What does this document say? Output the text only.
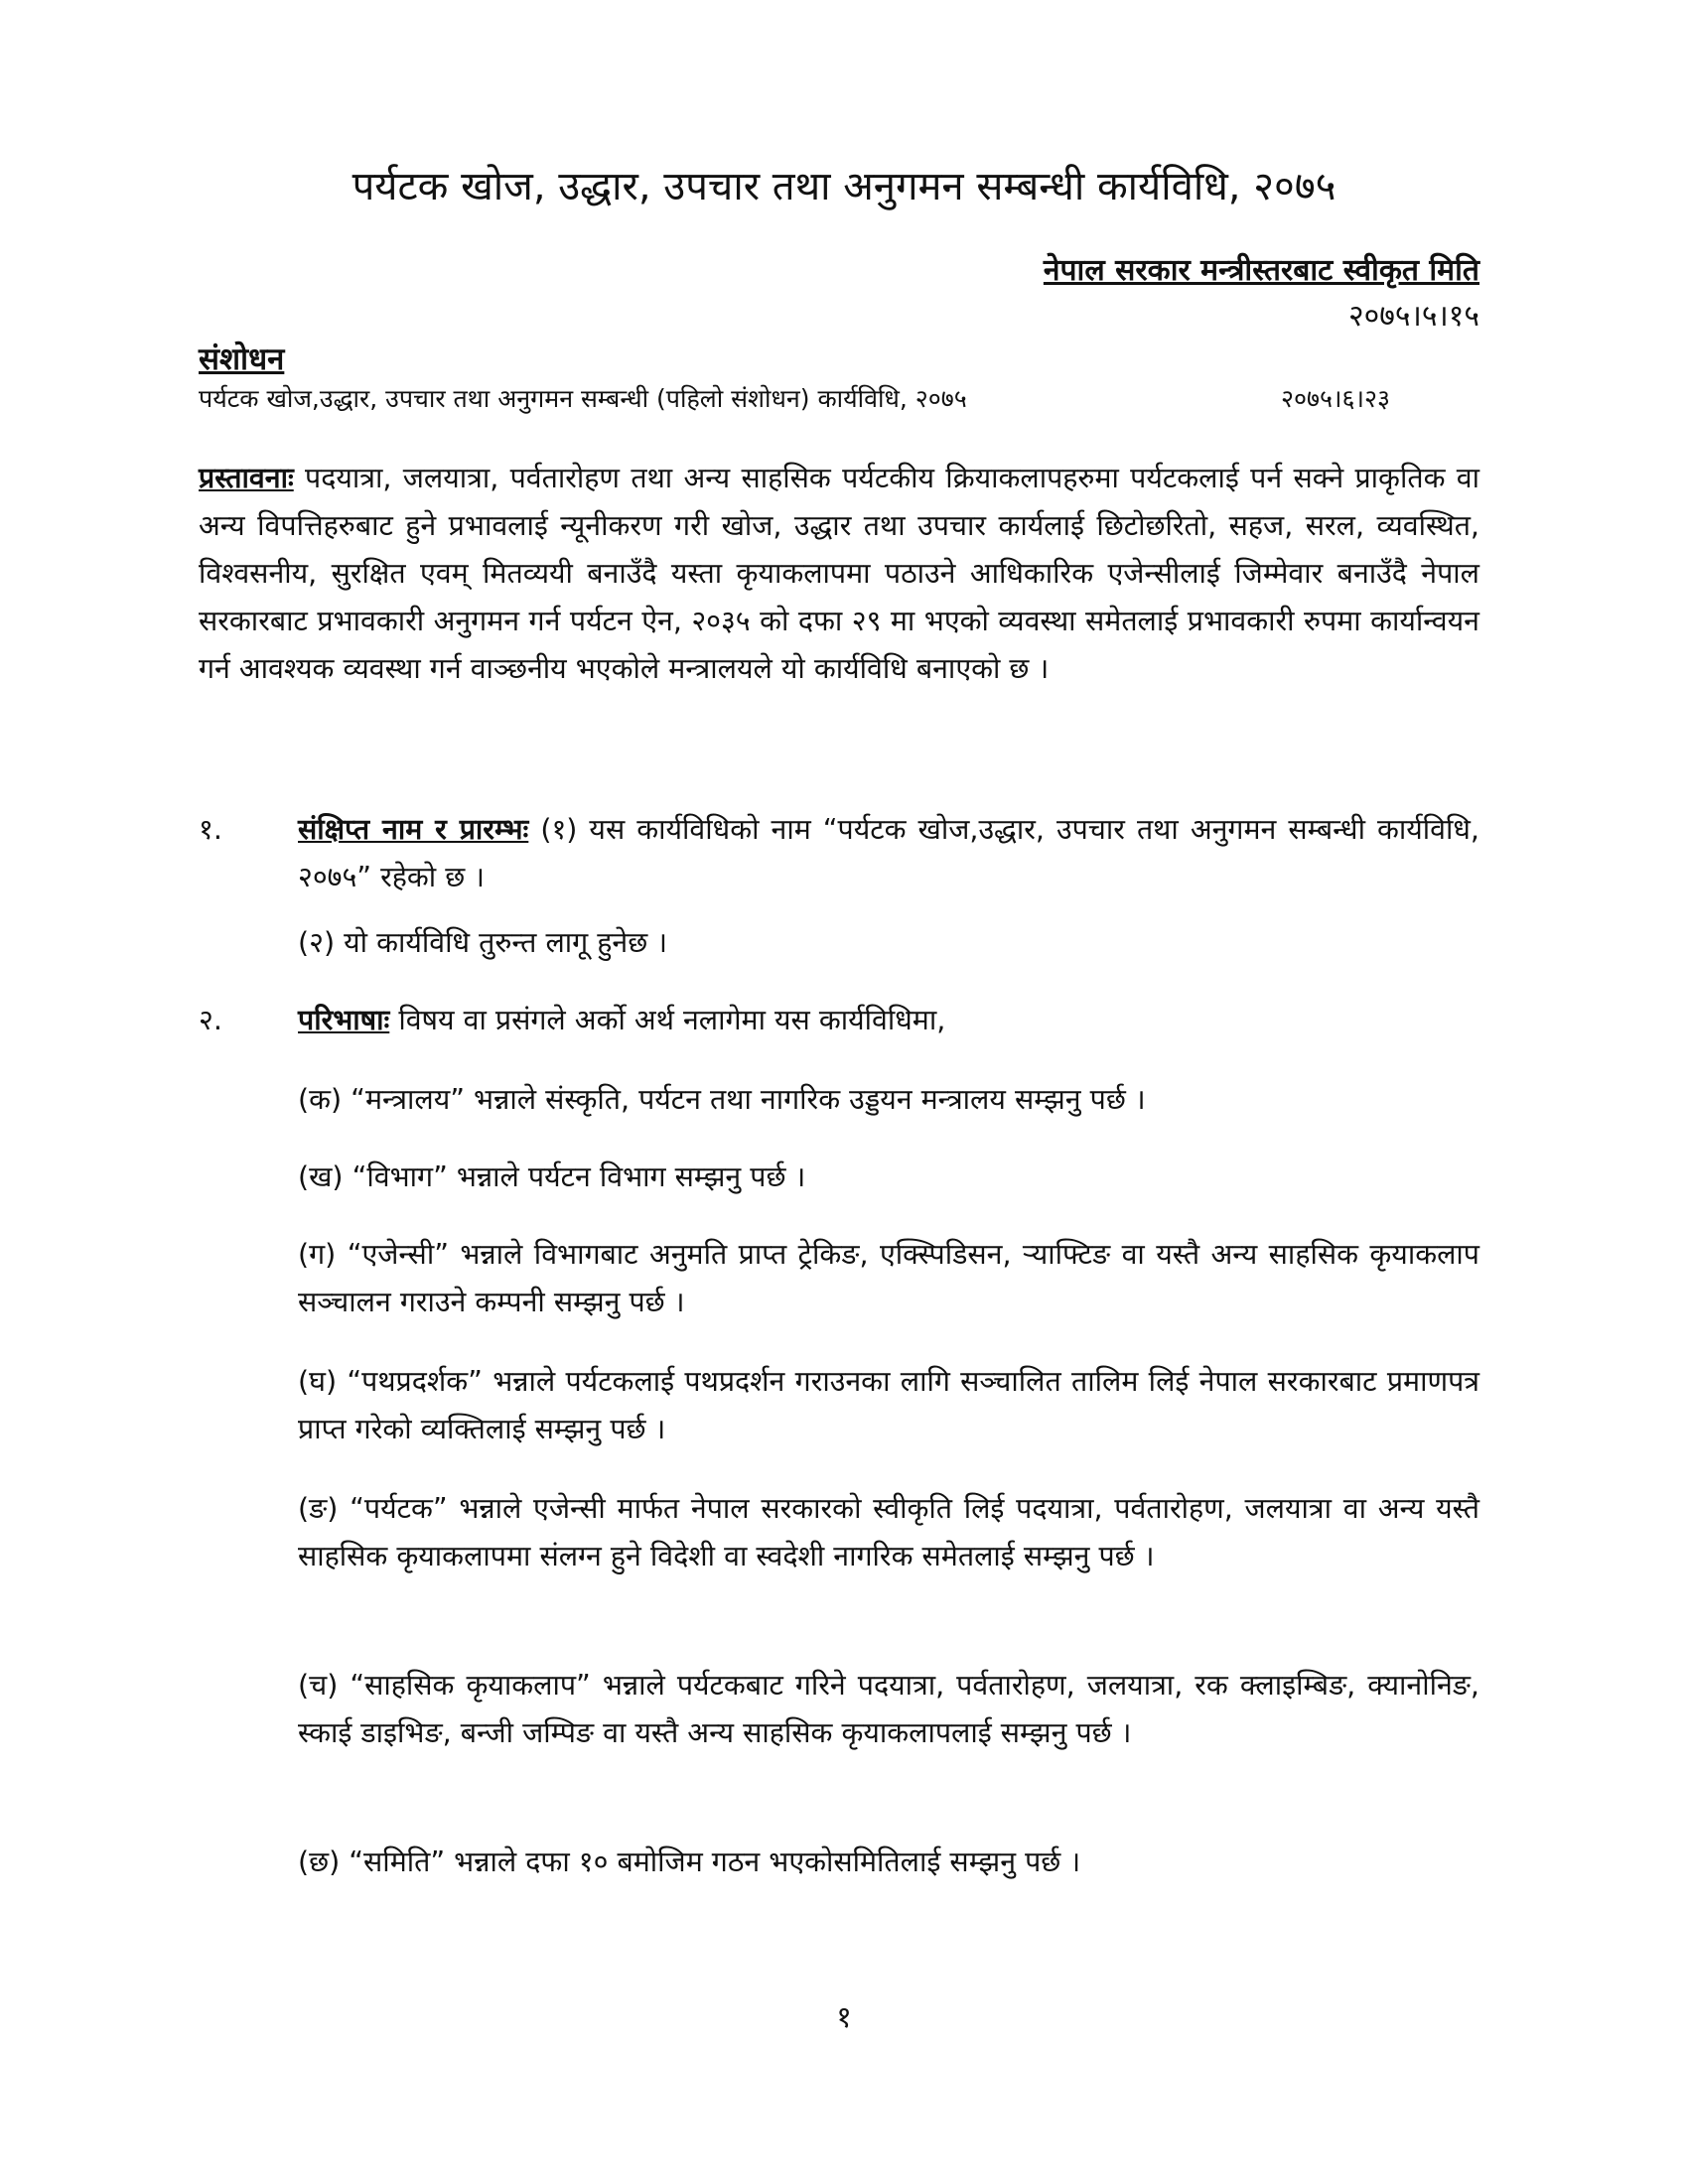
पर्यटक खोज, उद्धार, उपचार तथा अनुगमन सम्बन्धी कार्यविधि, २०७५
नेपाल सरकार मन्त्रीस्तरबाट स्वीकृत मिति
२०७५।५।१५
संशोधन
पर्यटक खोज,उद्धार, उपचार तथा अनुगमन सम्बन्धी (पहिलो संशोधन) कार्यविधि, २०७५	२०७५।६।२३
प्रस्तावनाः पदयात्रा, जलयात्रा, पर्वतारोहण तथा अन्य साहसिक पर्यटकीय क्रियाकलापहरुमा पर्यटकलाई पर्न सक्ने प्राकृतिक वा अन्य विपत्तिहरुबाट हुने प्रभावलाई न्यूनीकरण गरी खोज, उद्धार तथा उपचार कार्यलाई छिटोछरितो, सहज, सरल, व्यवस्थित, विश्वसनीय, सुरक्षित एवम् मितव्ययी बनाउँदै यस्ता कृयाकलापमा पठाउने आधिकारिक एजेन्सीलाई जिम्मेवार बनाउँदै नेपाल सरकारबाट प्रभावकारी अनुगमन गर्न पर्यटन ऐन, २०३५ को दफा २९ मा भएको व्यवस्था समेतलाई प्रभावकारी रुपमा कार्यान्वयन गर्न आवश्यक व्यवस्था गर्न वाञ्छनीय भएकोले मन्त्रालयले यो कार्यविधि बनाएको छ ।
१.	संक्षिप्त नाम र प्रारम्भः (१) यस कार्यविधिको नाम “पर्यटक खोज,उद्धार, उपचार तथा अनुगमन सम्बन्धी कार्यविधि, २०७५” रहेको छ ।
(२) यो कार्यविधि तुरुन्त लागू हुनेछ ।
२.	परिभाषाः विषय वा प्रसंगले अर्को अर्थ नलागेमा यस कार्यविधिमा,
(क) “मन्त्रालय” भन्नाले संस्कृति, पर्यटन तथा नागरिक उड्डयन मन्त्रालय सम्झनु पर्छ ।
(ख) “विभाग” भन्नाले पर्यटन विभाग सम्झनु पर्छ ।
(ग) “एजेन्सी” भन्नाले विभागबाट अनुमति प्राप्त ट्रेकिङ, एक्स्पिडिसन, ऱ्याफ्टिङ वा यस्तै अन्य साहसिक कृयाकलाप सञ्चालन गराउने कम्पनी सम्झनु पर्छ ।
(घ) “पथप्रदर्शक” भन्नाले पर्यटकलाई पथप्रदर्शन गराउनका लागि सञ्चालित तालिम लिई नेपाल सरकारबाट प्रमाणपत्र प्राप्त गरेको व्यक्तिलाई सम्झनु पर्छ ।
(ङ) “पर्यटक” भन्नाले एजेन्सी मार्फत नेपाल सरकारको स्वीकृति लिई पदयात्रा, पर्वतारोहण, जलयात्रा वा अन्य यस्तै साहसिक कृयाकलापमा संलग्न हुने विदेशी वा स्वदेशी नागरिक समेतलाई सम्झनु पर्छ ।
(च) “साहसिक कृयाकलाप” भन्नाले पर्यटकबाट गरिने पदयात्रा, पर्वतारोहण, जलयात्रा, रक क्लाइम्बिङ, क्यानोनिङ, स्काई डाइभिङ, बन्जी जम्पिङ वा यस्तै अन्य साहसिक कृयाकलापलाई सम्झनु पर्छ ।
(छ) “समिति” भन्नाले दफा १० बमोजिम गठन भएकोसमितिलाई सम्झनु पर्छ ।
१
